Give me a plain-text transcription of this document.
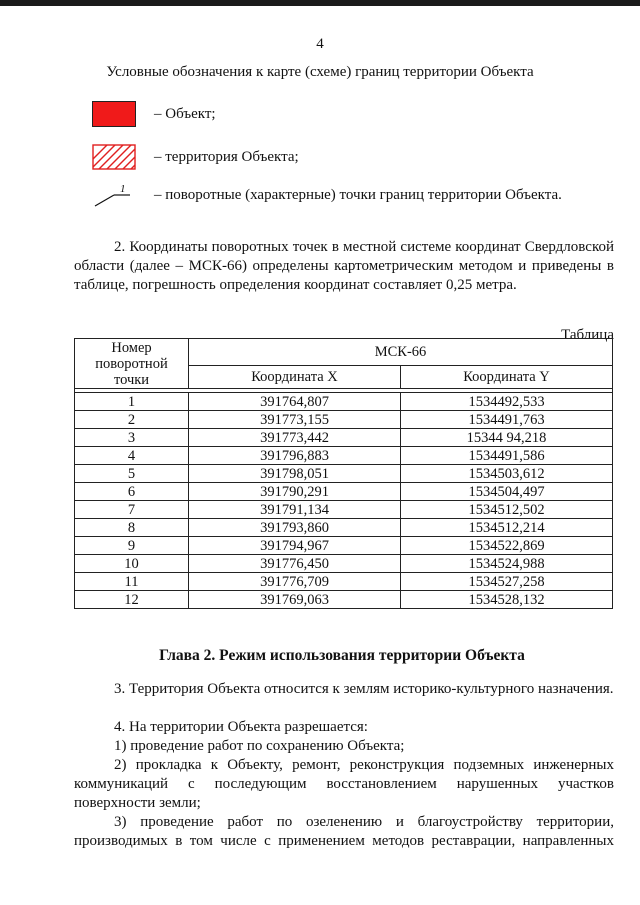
4
Условные обозначения к карте (схеме) границ территории Объекта
– Объект;
– территория Объекта;
1 – поворотные (характерные) точки границ территории Объекта.
2. Координаты поворотных точек в местной системе координат Свердловской области (далее – МСК-66) определены картометрическим методом и приведены в таблице, погрешность определения координат составляет 0,25 метра.
Таблица
Номер поворотной точки	МСК-66	
	Координата X	Координата Y

1	391764,807	1534492,533
2	391773,155	1534491,763
3	391773,442	15344 94,218
4	391796,883	1534491,586
5	391798,051	1534503,612
6	391790,291	1534504,497
7	391791,134	1534512,502
8	391793,860	1534512,214
9	391794,967	1534522,869
10	391776,450	1534524,988
11	391776,709	1534527,258
12	391769,063	1534528,132
Глава 2. Режим использования территории Объекта
3. Территория Объекта относится к землям историко-культурного назначения.
4. На территории Объекта разрешается:
1) проведение работ по сохранению Объекта;
2) прокладка к Объекту, ремонт, реконструкция подземных инженерных коммуникаций с последующим восстановлением нарушенных участков поверхности земли;
3) проведение работ по озеленению и благоустройству территории, производимых в том числе с применением методов реставрации, направленных
